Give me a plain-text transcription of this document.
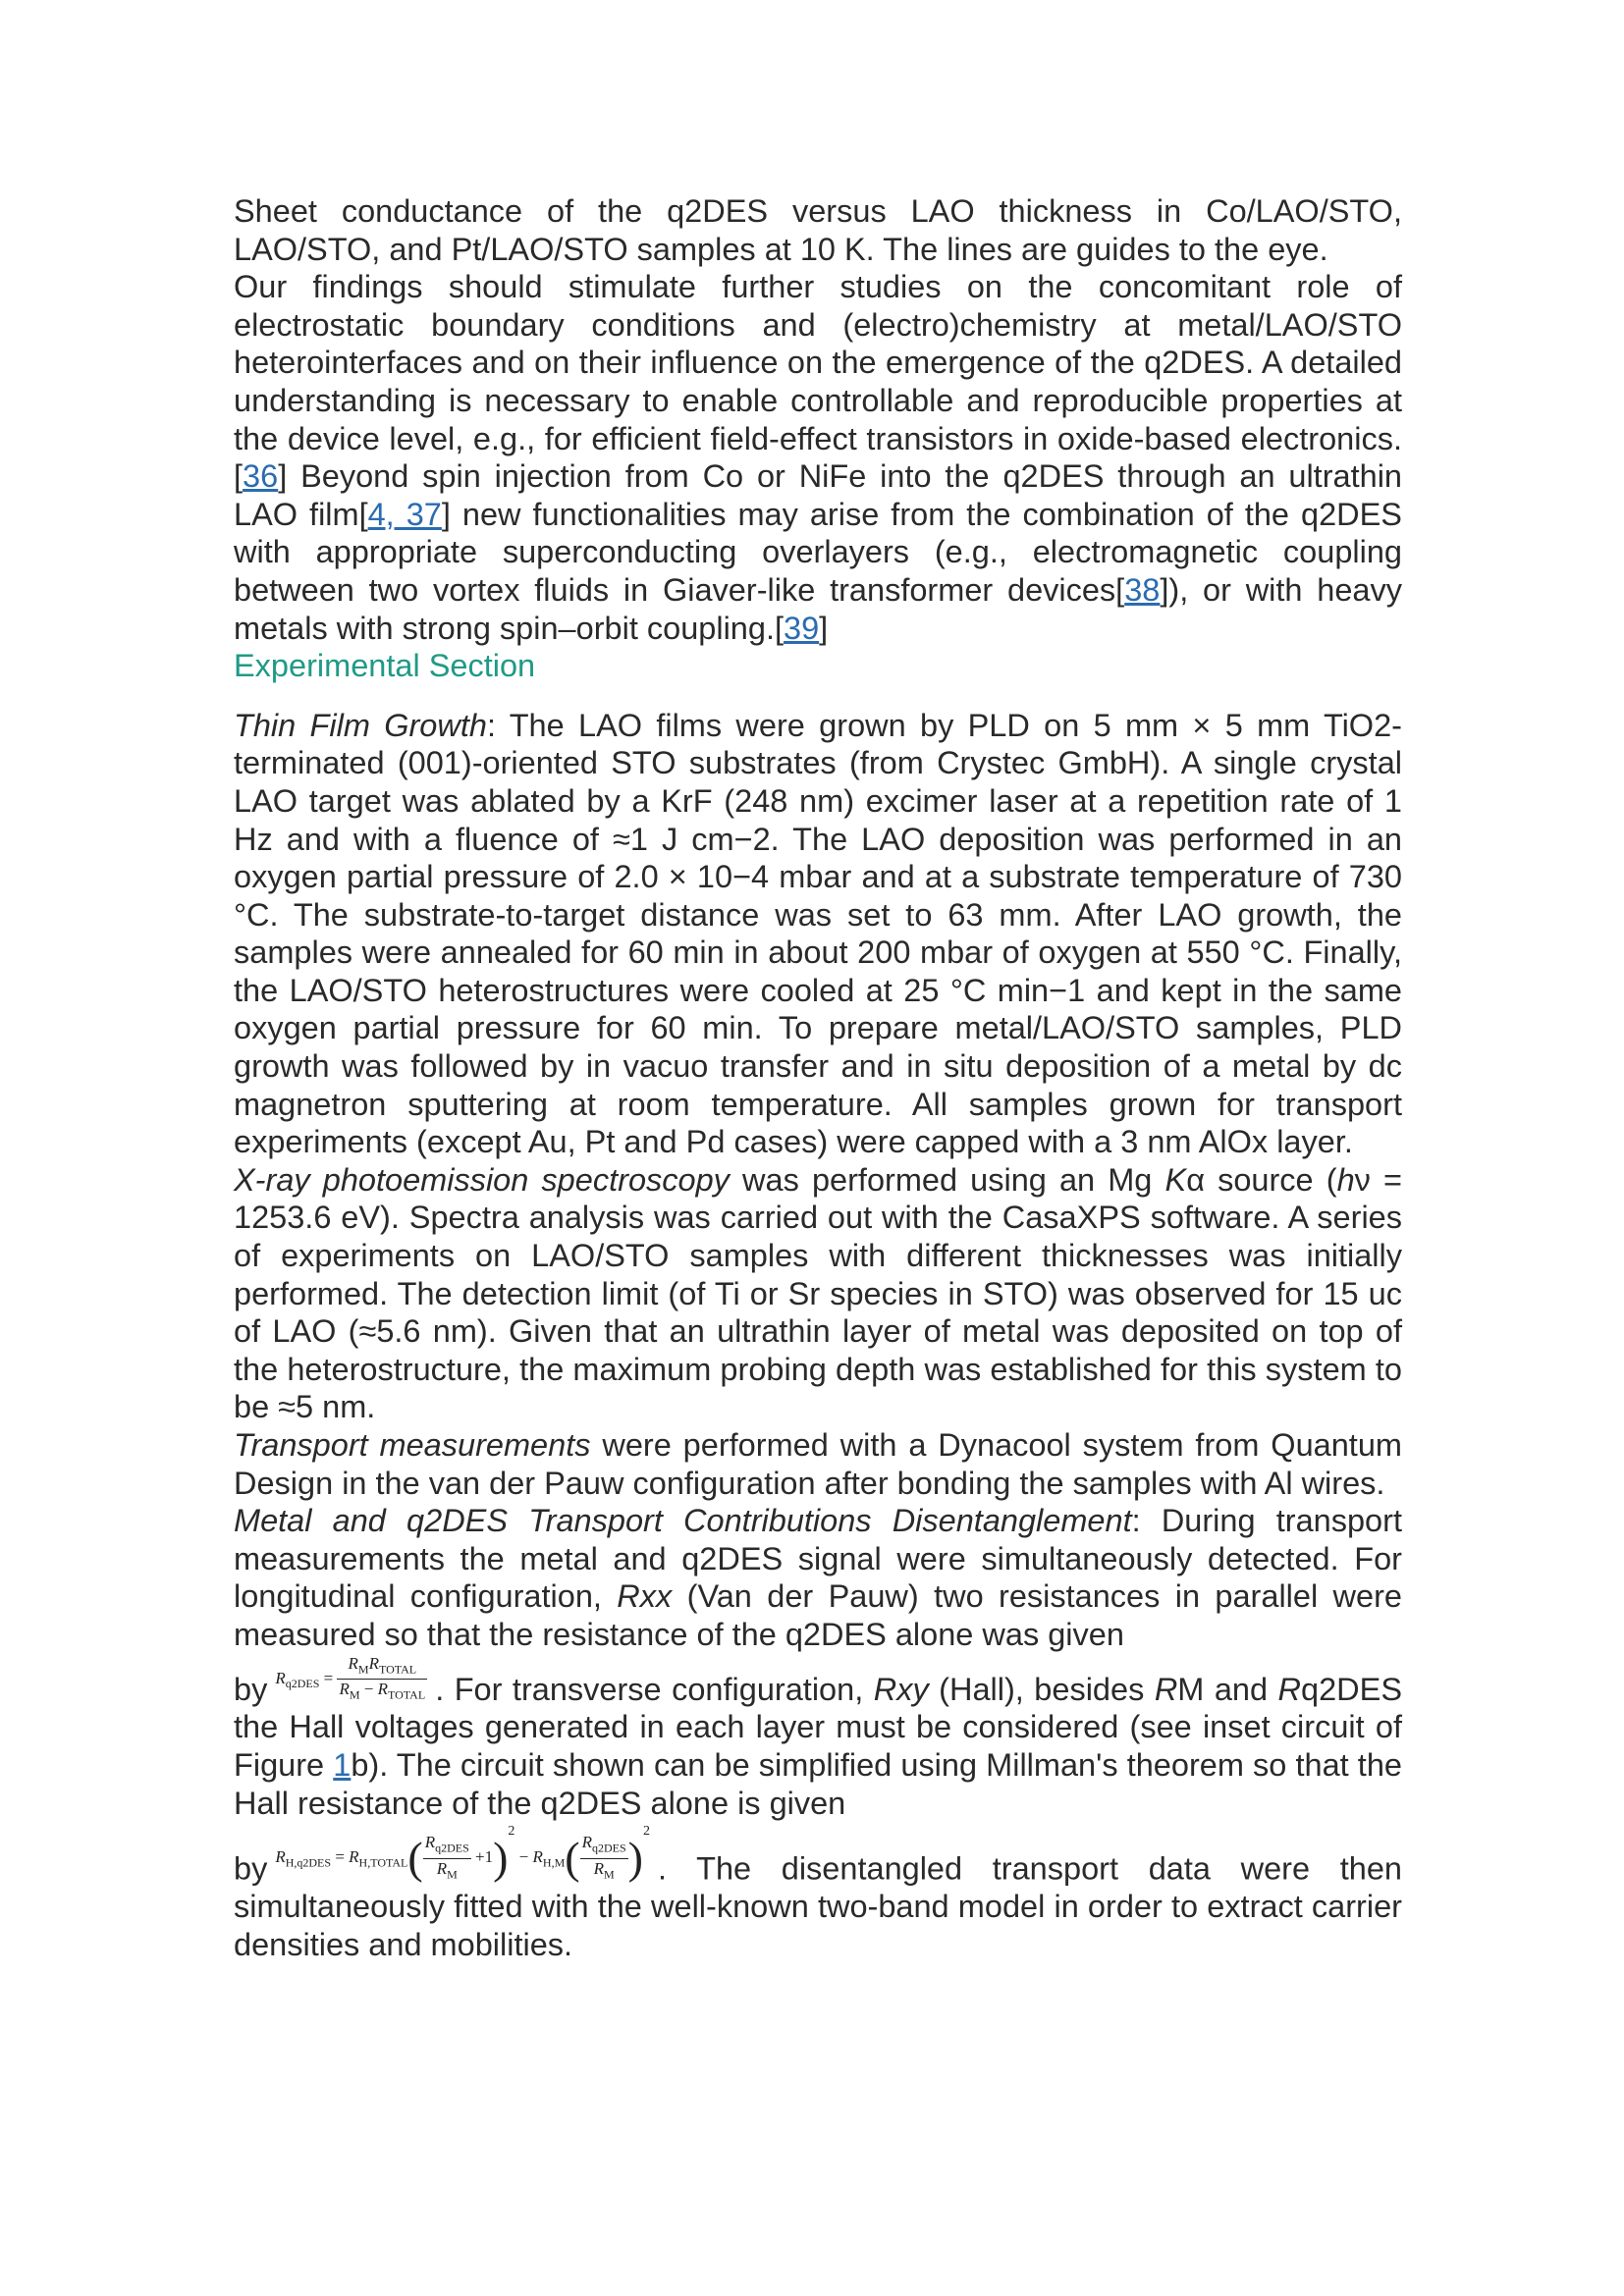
Sheet conductance of the q2DES versus LAO thickness in Co/LAO/STO, LAO/STO, and Pt/LAO/STO samples at 10 K. The lines are guides to the eye.

Our findings should stimulate further studies on the concomitant role of electrostatic boundary conditions and (electro)chemistry at metal/LAO/STO heterointerfaces and on their influence on the emergence of the q2DES. A detailed understanding is necessary to enable controllable and reproducible properties at the device level, e.g., for efficient field-effect transistors in oxide-based electronics.[36] Beyond spin injection from Co or NiFe into the q2DES through an ultrathin LAO film[4, 37] new functionalities may arise from the combination of the q2DES with appropriate superconducting overlayers (e.g., electromagnetic coupling between two vortex fluids in Giaver-like transformer devices[38]), or with heavy metals with strong spin–orbit coupling.[39]

Experimental Section

Thin Film Growth: The LAO films were grown by PLD on 5 mm × 5 mm TiO2-terminated (001)-oriented STO substrates (from Crystec GmbH). A single crystal LAO target was ablated by a KrF (248 nm) excimer laser at a repetition rate of 1 Hz and with a fluence of ≈1 J cm−2. The LAO deposition was performed in an oxygen partial pressure of 2.0 × 10−4 mbar and at a substrate temperature of 730 °C. The substrate-to-target distance was set to 63 mm. After LAO growth, the samples were annealed for 60 min in about 200 mbar of oxygen at 550 °C. Finally, the LAO/STO heterostructures were cooled at 25 °C min−1 and kept in the same oxygen partial pressure for 60 min. To prepare metal/LAO/STO samples, PLD growth was followed by in vacuo transfer and in situ deposition of a metal by dc magnetron sputtering at room temperature. All samples grown for transport experiments (except Au, Pt and Pd cases) were capped with a 3 nm AlOx layer.

X-ray photoemission spectroscopy was performed using an Mg Kα source (hν = 1253.6 eV). Spectra analysis was carried out with the CasaXPS software. A series of experiments on LAO/STO samples with different thicknesses was initially performed. The detection limit (of Ti or Sr species in STO) was observed for 15 uc of LAO (≈5.6 nm). Given that an ultrathin layer of metal was deposited on top of the heterostructure, the maximum probing depth was established for this system to be ≈5 nm.

Transport measurements were performed with a Dynacool system from Quantum Design in the van der Pauw configuration after bonding the samples with Al wires.

Metal and q2DES Transport Contributions Disentanglement: During transport measurements the metal and q2DES signal were simultaneously detected. For longitudinal configuration, Rxx (Van der Pauw) two resistances in parallel were measured so that the resistance of the q2DES alone was given
by $R_{q2DES} = \frac{R_MR_{TOTAL}}{R_M - R_{TOTAL}}$ . For transverse configuration, Rxy (Hall), besides RM and Rq2DES the Hall voltages generated in each layer must be considered (see inset circuit of Figure 1b). The circuit shown can be simplified using Millman's theorem so that the Hall resistance of the q2DES alone is given
by $R_{H,q2DES} = R_{H,TOTAL}( \frac{R_{q2DES}}{R_M} +1)^2 - R_{H,M}( \frac{R_{q2DES}}{R_M} )^2$. The disentangled transport data were then simultaneously fitted with the well-known two-band model in order to extract carrier densities and mobilities.
